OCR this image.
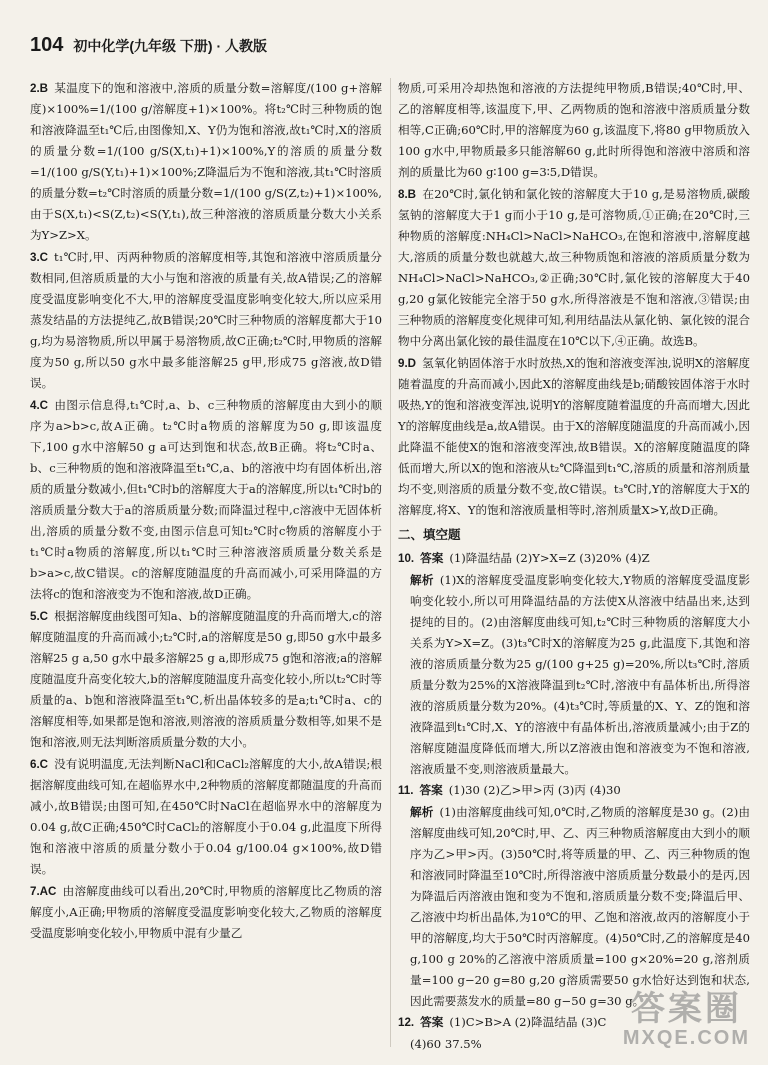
104 初中化学(九年级 下册) · 人教版

2.B 某温度下的饱和溶液中,溶质的质量分数=溶解度/(100 g+溶解度)×100%=1/(100 g/溶解度+1)×100%。将t₂℃时三种物质的饱和溶液降温至t₁℃后,由图像知,X、Y仍为饱和溶液,故t₁℃时,X的溶质的质量分数=1/(100 g/S(X,t₁)+1)×100%,Y的溶质的质量分数=1/(100 g/S(Y,t₁)+1)×100%;Z降温后为不饱和溶液,其t₁℃时溶质的质量分数=t₂℃时溶质的质量分数=1/(100 g/S(Z,t₂)+1)×100%,由于S(X,t₁)<S(Z,t₂)<S(Y,t₁),故三种溶液的溶质质量分数大小关系为Y>Z>X。

3.C t₁℃时,甲、丙两种物质的溶解度相等,其饱和溶液中溶质质量分数相同,但溶质质量的大小与饱和溶液的质量有关,故A错误;乙的溶解度受温度影响变化不大,甲的溶解度受温度影响变化较大,所以应采用蒸发结晶的方法提纯乙,故B错误;20℃时三种物质的溶解度都大于10 g,均为易溶物质,所以甲属于易溶物质,故C正确;t₂℃时,甲物质的溶解度为50 g,所以50 g水中最多能溶解25 g甲,形成75 g溶液,故D错误。

4.C 由图示信息得,t₁℃时,a、b、c三种物质的溶解度由大到小的顺序为a>b>c,故A正确。t₂℃时a物质的溶解度为50 g,即该温度下,100 g水中溶解50 g a可达到饱和状态,故B正确。将t₂℃时a、b、c三种物质的饱和溶液降温至t₁℃,a、b的溶液中均有固体析出,溶质的质量分数减小,但t₁℃时b的溶解度大于a的溶解度,所以t₁℃时b的溶质质量分数大于a的溶质质量分数;而降温过程中,c溶液中无固体析出,溶质的质量分数不变,由图示信息可知t₂℃时c物质的溶解度小于t₁℃时a物质的溶解度,所以t₁℃时三种溶液溶质质量分数关系是b>a>c,故C错误。c的溶解度随温度的升高而减小,可采用降温的方法将c的饱和溶液变为不饱和溶液,故D正确。

5.C 根据溶解度曲线图可知a、b的溶解度随温度的升高而增大,c的溶解度随温度的升高而减小;t₂℃时,a的溶解度是50 g,即50 g水中最多溶解25 g a,50 g水中最多溶解25 g a,即形成75 g饱和溶液;a的溶解度随温度升高变化较大,b的溶解度随温度升高变化较小,所以t₂℃时等质量的a、b饱和溶液降温至t₁℃,析出晶体较多的是a;t₁℃时a、c的溶解度相等,如果都是饱和溶液,则溶液的溶质质量分数相等,如果不是饱和溶液,则无法判断溶质质量分数的大小。

6.C 没有说明温度,无法判断NaCl和CaCl₂溶解度的大小,故A错误;根据溶解度曲线可知,在超临界水中,2种物质的溶解度都随温度的升高而减小,故B错误;由图可知,在450℃时NaCl在超临界水中的溶解度为0.04 g,故C正确;450℃时CaCl₂的溶解度小于0.04 g,此温度下所得饱和溶液中溶质的质量分数小于0.04 g/100.04 g×100%,故D错误。

7.AC 由溶解度曲线可以看出,20℃时,甲物质的溶解度比乙物质的溶解度小,A正确;甲物质的溶解度受温度影响变化较大,乙物质的溶解度受温度影响变化较小,甲物质中混有少量乙

物质,可采用冷却热饱和溶液的方法提纯甲物质,B错误;40℃时,甲、乙的溶解度相等,该温度下,甲、乙两物质的饱和溶液中溶质质量分数相等,C正确;60℃时,甲的溶解度为60 g,该温度下,将80 g甲物质放入100 g水中,甲物质最多只能溶解60 g,此时所得饱和溶液中溶质和溶剂的质量比为60 g∶100 g=3∶5,D错误。

8.B 在20℃时,氯化钠和氯化铵的溶解度大于10 g,是易溶物质,碳酸氢钠的溶解度大于1 g而小于10 g,是可溶物质,①正确;在20℃时,三种物质的溶解度:NH₄Cl>NaCl>NaHCO₃,在饱和溶液中,溶解度越大,溶质的质量分数也就越大,故三种物质饱和溶液的溶质质量分数为NH₄Cl>NaCl>NaHCO₃,②正确;30℃时,氯化铵的溶解度大于40 g,20 g氯化铵能完全溶于50 g水,所得溶液是不饱和溶液,③错误;由三种物质的溶解度变化规律可知,利用结晶法从氯化钠、氯化铵的混合物中分离出氯化铵的最佳温度在10℃以下,④正确。故选B。

9.D 氢氧化钠固体溶于水时放热,X的饱和溶液变浑浊,说明X的溶解度随着温度的升高而减小,因此X的溶解度曲线是b;硝酸铵固体溶于水时吸热,Y的饱和溶液变浑浊,说明Y的溶解度随着温度的升高而增大,因此Y的溶解度曲线是a,故A错误。由于X的溶解度随温度的升高而减小,因此降温不能使X的饱和溶液变浑浊,故B错误。X的溶解度随温度的降低而增大,所以X的饱和溶液从t₂℃降温到t₁℃,溶质的质量和溶剂质量均不变,则溶质的质量分数不变,故C错误。t₃℃时,Y的溶解度大于X的溶解度,将X、Y的饱和溶液质量相等时,溶剂质量X>Y,故D正确。

二、填空题

10. 答案 (1)降温结晶 (2)Y>X=Z (3)20% (4)Z

解析 (1)X的溶解度受温度影响变化较大,Y物质的溶解度受温度影响变化较小,所以可用降温结晶的方法使X从溶液中结晶出来,达到提纯的目的。(2)由溶解度曲线可知,t₂℃时三种物质的溶解度大小关系为Y>X=Z。(3)t₃℃时X的溶解度为25 g,此温度下,其饱和溶液的溶质质量分数为25 g/(100 g+25 g)=20%,所以t₃℃时,溶质质量分数为25%的X溶液降温到t₂℃时,溶液中有晶体析出,所得溶液的溶质质量分数为20%。(4)t₃℃时,等质量的X、Y、Z的饱和溶液降温到t₁℃时,X、Y的溶液中有晶体析出,溶液质量减小;由于Z的溶解度随温度降低而增大,所以Z溶液由饱和溶液变为不饱和溶液,溶液质量不变,则溶液质量最大。

11. 答案 (1)30 (2)乙>甲>丙 (3)丙 (4)30

解析 (1)由溶解度曲线可知,0℃时,乙物质的溶解度是30 g。(2)由溶解度曲线可知,20℃时,甲、乙、丙三种物质溶解度由大到小的顺序为乙>甲>丙。(3)50℃时,将等质量的甲、乙、丙三种物质的饱和溶液同时降温至10℃时,所得溶液中溶质质量分数最小的是丙,因为降温后丙溶液由饱和变为不饱和,溶质质量分数不变;降温后甲、乙溶液中均析出晶体,为10℃的甲、乙饱和溶液,故丙的溶解度小于甲的溶解度,均大于50℃时丙溶解度。(4)50℃时,乙的溶解度是40 g,100 g 20%的乙溶液中溶质质量=100 g×20%=20 g,溶剂质量=100 g−20 g=80 g,20 g溶质需要50 g水恰好达到饱和状态,因此需要蒸发水的质量=80 g−50 g=30 g。

12. 答案 (1)C>B>A (2)降温结晶 (3)C

(4)60 37.5%

答案圈
MXQE.COM
